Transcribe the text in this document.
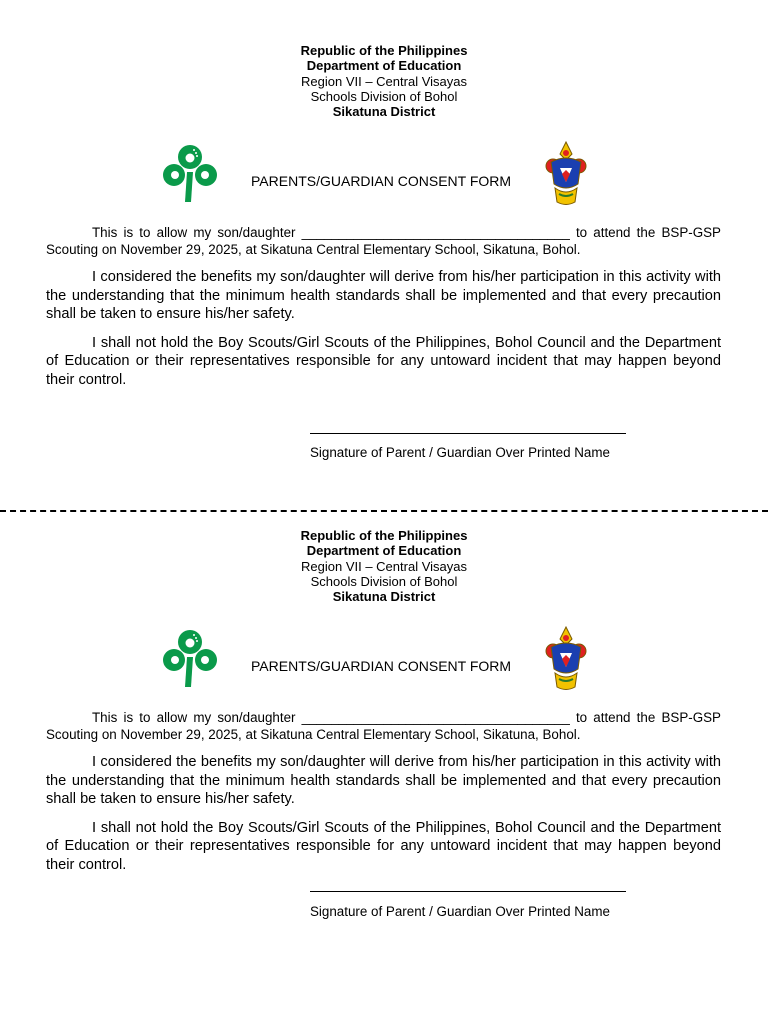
Republic of the Philippines
Department of Education
Region VII – Central Visayas
Schools Division of Bohol
Sikatuna District
PARENTS/GUARDIAN CONSENT FORM

This is to allow my son/daughter ____________________________________ to attend the BSP-GSP Scouting on November 29, 2025, at Sikatuna Central Elementary School, Sikatuna, Bohol.

I considered the benefits my son/daughter will derive from his/her participation in this activity with the understanding that the minimum health standards shall be implemented and that every precaution shall be taken to ensure his/her safety.

I shall not hold the Boy Scouts/Girl Scouts of the Philippines, Bohol Council and the Department of Education or their representatives responsible for any untoward incident that may happen beyond their control.

Signature of Parent / Guardian Over Printed Name
Republic of the Philippines
Department of Education
Region VII – Central Visayas
Schools Division of Bohol
Sikatuna District
PARENTS/GUARDIAN CONSENT FORM

This is to allow my son/daughter ____________________________________ to attend the BSP-GSP Scouting on November 29, 2025, at Sikatuna Central Elementary School, Sikatuna, Bohol.

I considered the benefits my son/daughter will derive from his/her participation in this activity with the understanding that the minimum health standards shall be implemented and that every precaution shall be taken to ensure his/her safety.

I shall not hold the Boy Scouts/Girl Scouts of the Philippines, Bohol Council and the Department of Education or their representatives responsible for any untoward incident that may happen beyond their control.

Signature of Parent / Guardian Over Printed Name
